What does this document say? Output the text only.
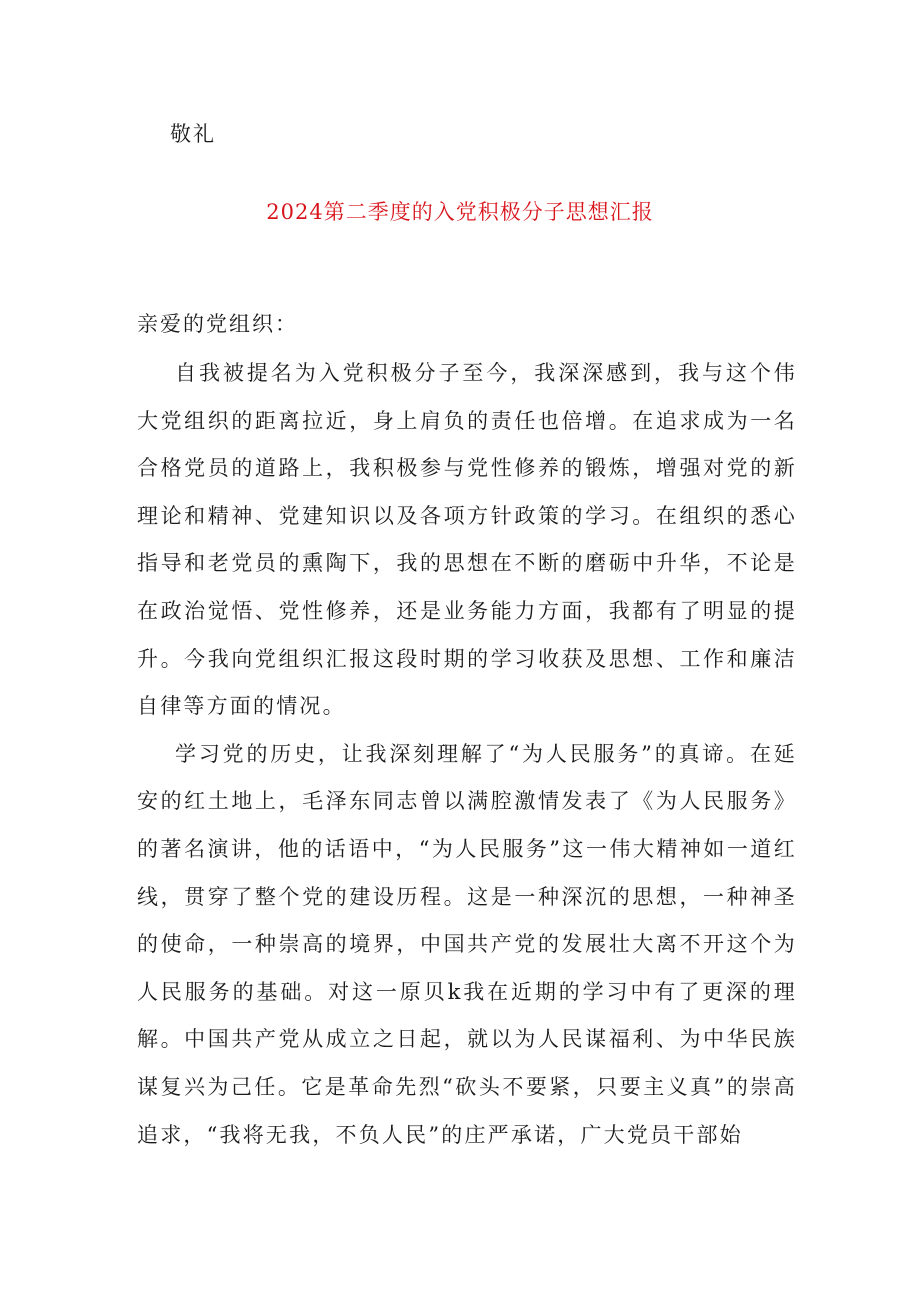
敬礼
2024第二季度的入党积极分子思想汇报
亲爱的党组织：

自我被提名为入党积极分子至今，我深深感到，我与这个伟大党组织的距离拉近，身上肩负的责任也倍增。在追求成为一名合格党员的道路上，我积极参与党性修养的锻炼，增强对党的新理论和精神、党建知识以及各项方针政策的学习。在组织的悉心指导和老党员的熏陶下，我的思想在不断的磨砺中升华，不论是在政治觉悟、党性修养，还是业务能力方面，我都有了明显的提升。今我向党组织汇报这段时期的学习收获及思想、工作和廉洁自律等方面的情况。

学习党的历史，让我深刻理解了“为人民服务”的真谛。在延安的红土地上，毛泽东同志曾以满腔激情发表了《为人民服务》的著名演讲，他的话语中，“为人民服务”这一伟大精神如一道红线，贯穿了整个党的建设历程。这是一种深沉的思想，一种神圣的使命，一种崇高的境界，中国共产党的发展壮大离不开这个为人民服务的基础。对这一原贝k我在近期的学习中有了更深的理解。中国共产党从成立之日起，就以为人民谋福利、为中华民族谋复兴为己任。它是革命先烈“砍头不要紧，只要主义真”的崇高追求，“我将无我，不负人民”的庄严承诺，广大党员干部始
